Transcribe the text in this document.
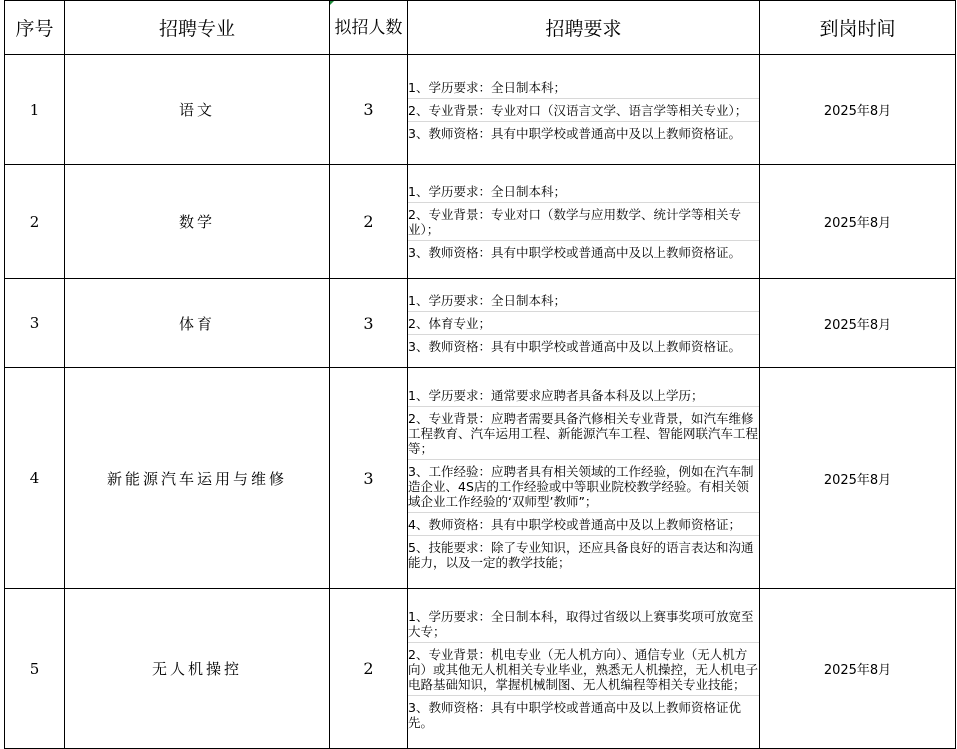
序号	招聘专业	拟招人数	招聘要求	到岗时间
1	语文	3	1、学历要求：全日制本科；
2、专业背景：专业对口（汉语言文学、语言学等相关专业）；
3、教师资格：具有中职学校或普通高中及以上教师资格证。	2025年8月
2	数学	2	1、学历要求：全日制本科；
2、专业背景：专业对口（数学与应用数学、统计学等相关专业）；
3、教师资格：具有中职学校或普通高中及以上教师资格证。	2025年8月
3	体育	3	1、学历要求：全日制本科；
2、体育专业；
3、教师资格：具有中职学校或普通高中及以上教师资格证。	2025年8月
4	新能源汽车运用与维修	3	1、学历要求：通常要求应聘者具备本科及以上学历；
2、专业背景：应聘者需要具备汽修相关专业背景，如汽车维修工程教育、汽车运用工程、新能源汽车工程、智能网联汽车工程等；
3、工作经验：应聘者具有相关领域的工作经验，例如在汽车制造企业、4S店的工作经验或中等职业院校教学经验。有相关领域企业工作经验的‘双师型’教师”；
4、教师资格：具有中职学校或普通高中及以上教师资格证；
5、技能要求：除了专业知识，还应具备良好的语言表达和沟通能力，以及一定的教学技能；	2025年8月
5	无人机操控	2	1、学历要求：全日制本科，取得过省级以上赛事奖项可放宽至大专；
2、专业背景：机电专业（无人机方向）、通信专业（无人机方向）或其他无人机相关专业毕业，熟悉无人机操控，无人机电子电路基础知识，掌握机械制图、无人机编程等相关专业技能；
3、教师资格：具有中职学校或普通高中及以上教师资格证优先。	2025年8月
